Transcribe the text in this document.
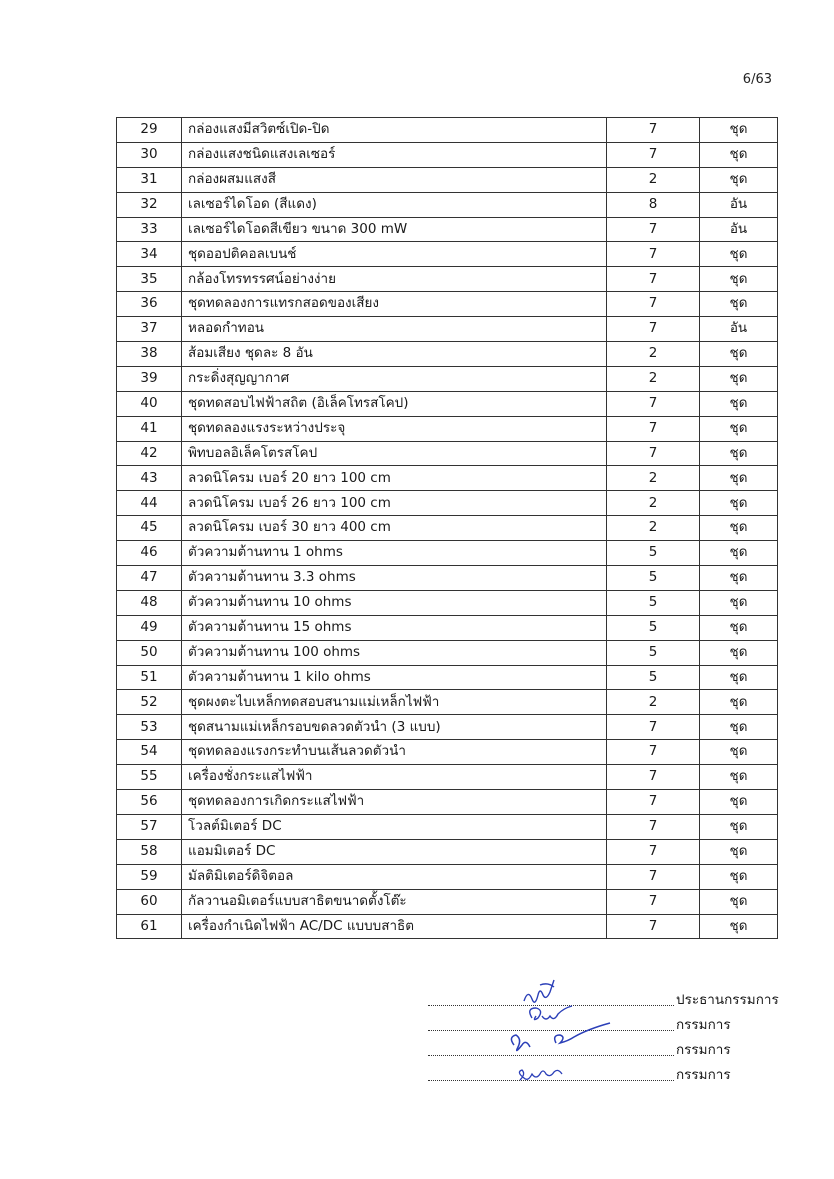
6/63
29	กล่องแสงมีสวิตซ์เปิด-ปิด	7	ชุด
30	กล่องแสงชนิดแสงเลเซอร์	7	ชุด
31	กล่องผสมแสงสี	2	ชุด
32	เลเซอร์ไดโอด (สีแดง)	8	อัน
33	เลเซอร์ไดโอดสีเขียว ขนาด 300 mW	7	อัน
34	ชุดออปติคอลเบนช์	7	ชุด
35	กล้องโทรทรรศน์อย่างง่าย	7	ชุด
36	ชุดทดลองการแทรกสอดของเสียง	7	ชุด
37	หลอดกำทอน	7	อัน
38	ส้อมเสียง ชุดละ 8 อัน	2	ชุด
39	กระดิ่งสุญญากาศ	2	ชุด
40	ชุดทดสอบไฟฟ้าสถิต (อิเล็คโทรสโคป)	7	ชุด
41	ชุดทดลองแรงระหว่างประจุ	7	ชุด
42	พิทบอลอิเล็คโตรสโคป	7	ชุด
43	ลวดนิโครม เบอร์ 20 ยาว 100 cm	2	ชุด
44	ลวดนิโครม เบอร์ 26 ยาว 100 cm	2	ชุด
45	ลวดนิโครม เบอร์ 30 ยาว 400 cm	2	ชุด
46	ตัวความต้านทาน 1 ohms	5	ชุด
47	ตัวความต้านทาน 3.3 ohms	5	ชุด
48	ตัวความต้านทาน 10 ohms	5	ชุด
49	ตัวความต้านทาน 15 ohms	5	ชุด
50	ตัวความต้านทาน 100 ohms	5	ชุด
51	ตัวความต้านทาน 1 kilo ohms	5	ชุด
52	ชุดผงตะไบเหล็กทดสอบสนามแม่เหล็กไฟฟ้า	2	ชุด
53	ชุดสนามแม่เหล็กรอบขดลวดตัวนำ (3 แบบ)	7	ชุด
54	ชุดทดลองแรงกระทำบนเส้นลวดตัวนำ	7	ชุด
55	เครื่องชั่งกระแสไฟฟ้า	7	ชุด
56	ชุดทดลองการเกิดกระแสไฟฟ้า	7	ชุด
57	โวลต์มิเตอร์ DC	7	ชุด
58	แอมมิเตอร์ DC	7	ชุด
59	มัลติมิเตอร์ดิจิตอล	7	ชุด
60	กัลวานอมิเตอร์แบบสาธิตขนาดตั้งโต๊ะ	7	ชุด
61	เครื่องกำเนิดไฟฟ้า AC/DC แบบบสาธิต	7	ชุด
ประธานกรรมการ
กรรมการ
กรรมการ
กรรมการ
